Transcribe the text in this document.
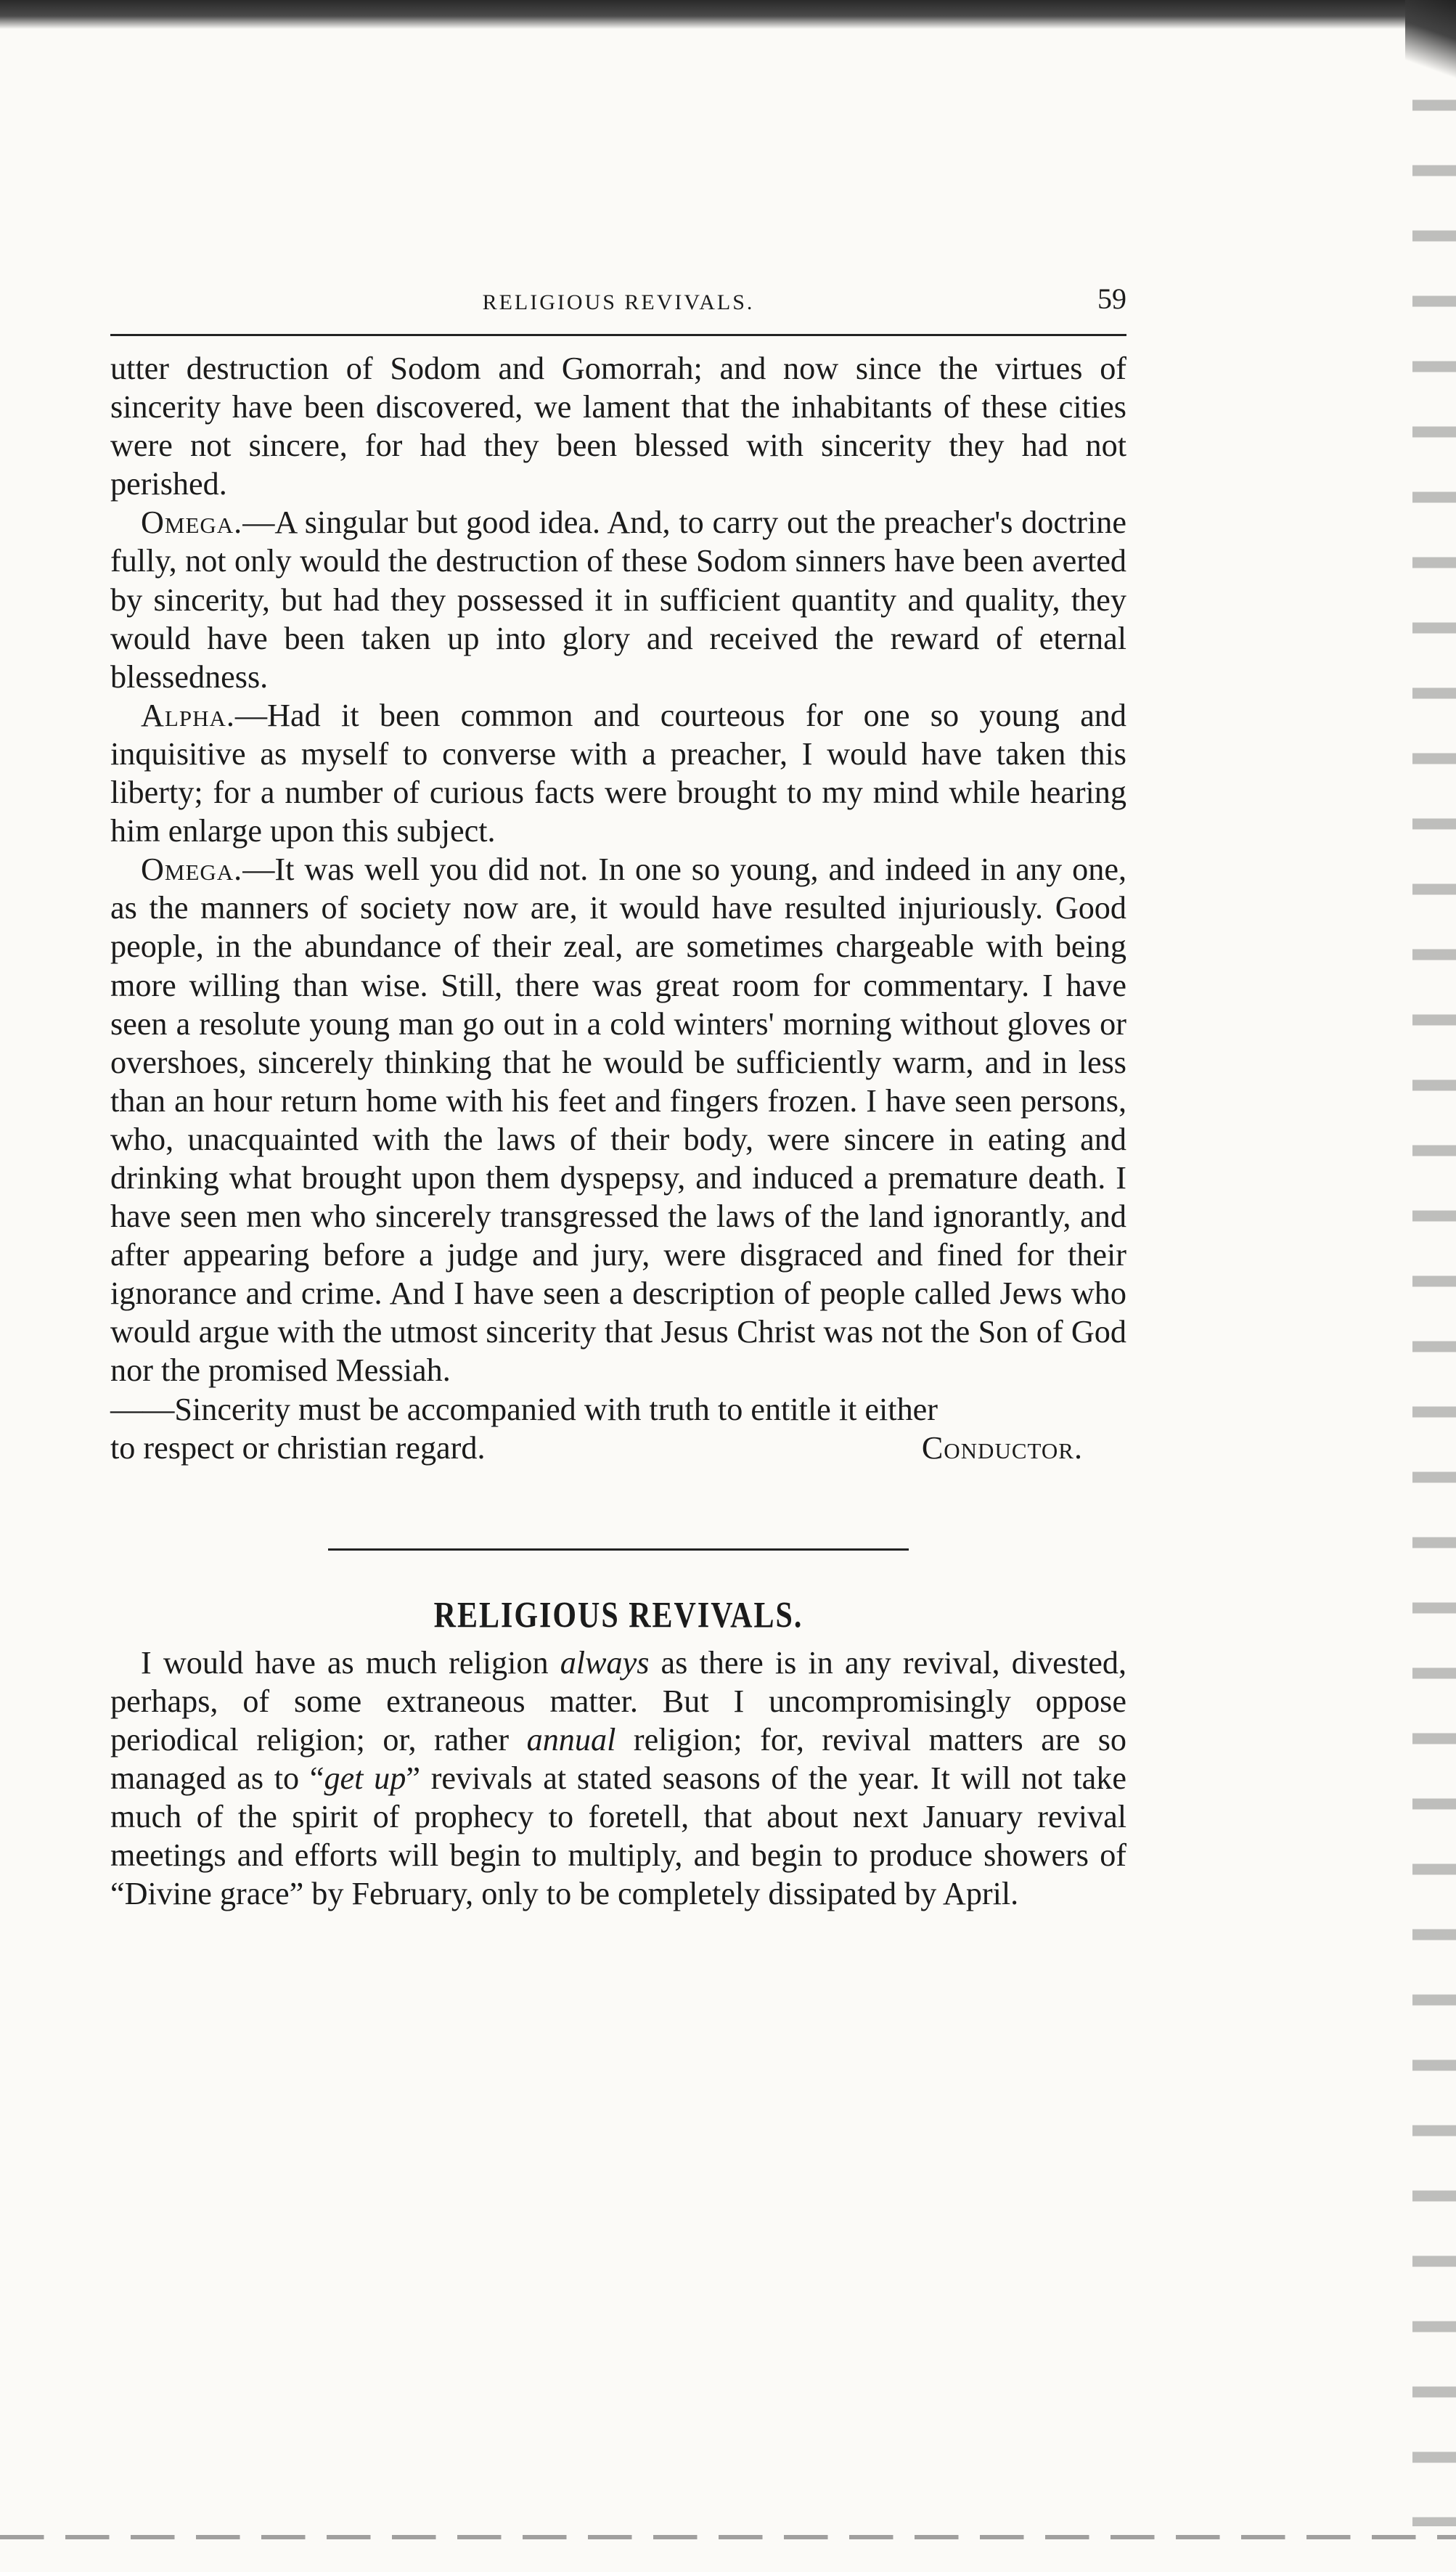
RELIGIOUS REVIVALS.	59

utter destruction of Sodom and Gomorrah; and now since the virtues of sincerity have been discovered, we lament that the inhabitants of these cities were not sincere, for had they been blessed with sincerity they had not perished.

Omega.—A singular but good idea. And, to carry out the preacher's doctrine fully, not only would the destruction of these Sodom sinners have been averted by sincerity, but had they possessed it in sufficient quantity and quality, they would have been taken up into glory and received the reward of eternal blessedness.

Alpha.—Had it been common and courteous for one so young and inquisitive as myself to converse with a preacher, I would have taken this liberty; for a number of curious facts were brought to my mind while hearing him enlarge upon this subject.

Omega.—It was well you did not. In one so young, and indeed in any one, as the manners of society now are, it would have resulted injuriously. Good people, in the abundance of their zeal, are sometimes chargeable with being more willing than wise. Still, there was great room for commentary. I have seen a resolute young man go out in a cold winters' morning without gloves or overshoes, sincerely thinking that he would be sufficiently warm, and in less than an hour return home with his feet and fingers frozen. I have seen persons, who, unacquainted with the laws of their body, were sincere in eating and drinking what brought upon them dyspepsy, and induced a premature death. I have seen men who sincerely transgressed the laws of the land ignorantly, and after appearing before a judge and jury, were disgraced and fined for their ignorance and crime. And I have seen a description of people called Jews who would argue with the utmost sincerity that Jesus Christ was not the Son of God nor the promised Messiah.

——Sincerity must be accompanied with truth to entitle it either

to respect or christian regard.	Conductor.
RELIGIOUS REVIVALS.

I would have as much religion always as there is in any revival, divested, perhaps, of some extraneous matter. But I uncompromisingly oppose periodical religion; or, rather annual religion; for, revival matters are so managed as to “get up” revivals at stated seasons of the year. It will not take much of the spirit of prophecy to foretell, that about next January revival meetings and efforts will begin to multiply, and begin to produce showers of “Divine grace” by February, only to be completely dissipated by April.
